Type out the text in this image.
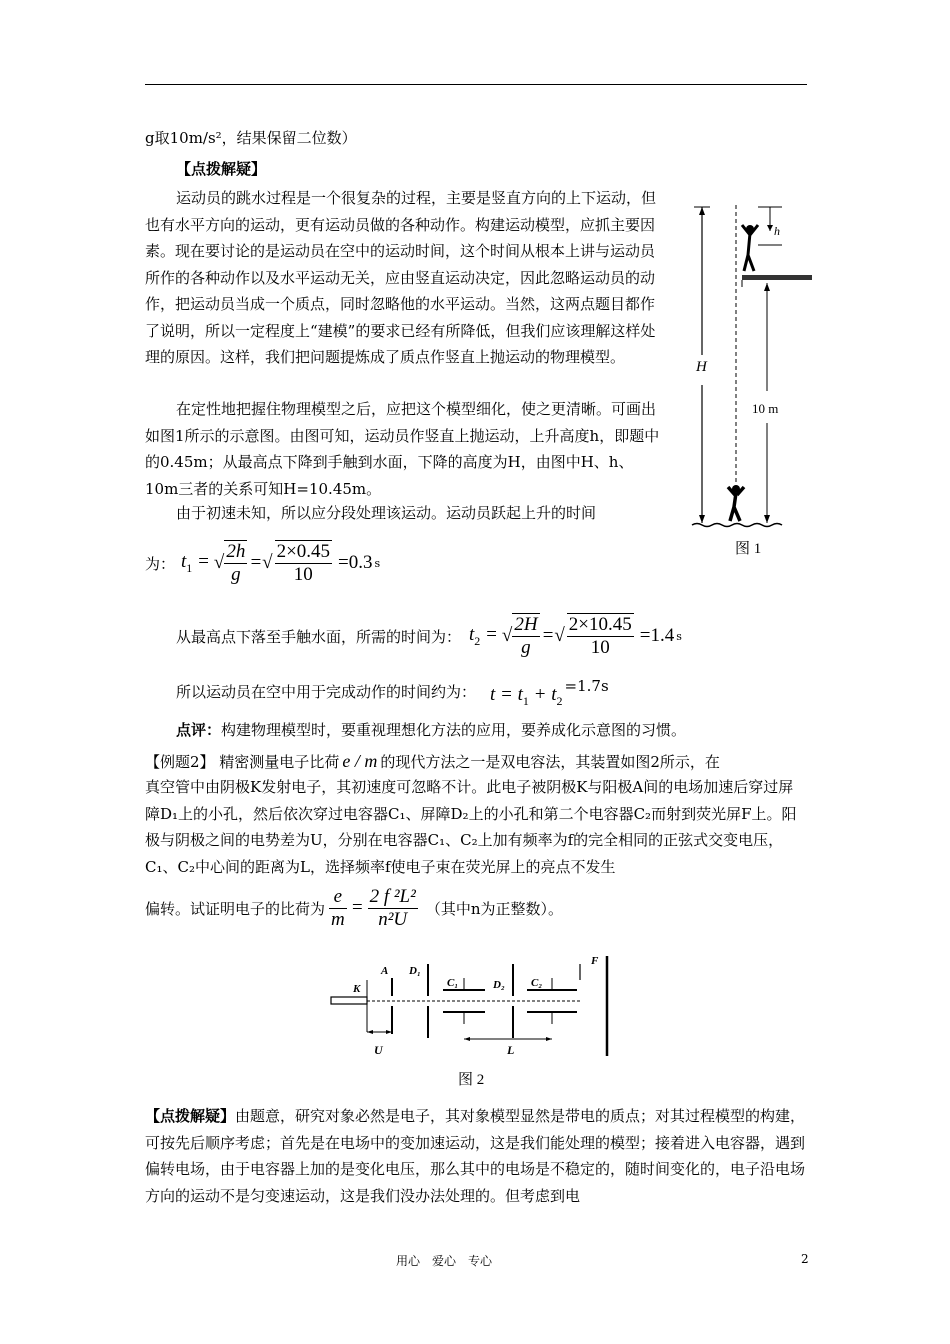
g取10m/s²，结果保留二位数）
【点拨解疑】
运动员的跳水过程是一个很复杂的过程，主要是竖直方向的上下运动，但也有水平方向的运动，更有运动员做的各种动作。构建运动模型，应抓主要因素。现在要讨论的是运动员在空中的运动时间，这个时间从根本上讲与运动员所作的各种动作以及水平运动无关，应由竖直运动决定，因此忽略运动员的动作，把运动员当成一个质点，同时忽略他的水平运动。当然，这两点题目都作了说明，所以一定程度上“建模”的要求已经有所降低，但我们应该理解这样处理的原因。这样，我们把问题提炼成了质点作竖直上抛运动的物理模型。
在定性地把握住物理模型之后，应把这个模型细化，使之更清晰。可画出如图1所示的示意图。由图可知，运动员作竖直上抛运动，上升高度h，即题中的0.45m；从最高点下降到手触到水面，下降的高度为H，由图中H、h、10m三者的关系可知H=10.45m。
由于初速未知，所以应分段处理该运动。运动员跃起上升的时间
为： $t_1$ = √ $\frac{2h}{g}$ =√ $\frac{2\times 0.45}{10} =0.3$ s
从最高点下落至手触水面，所需的时间为： $t_2$ = √ $\frac{2H}{g}$ =√ $\frac{2\times 10.45}{10} =1.4$ s
所以运动员在空中用于完成动作的时间约为： $t = t_1 + t_2$
=1.7s
点评：构建物理模型时，要重视理想化方法的应用，要养成化示意图的习惯。
【例题2】 精密测量电子比荷 e / m 的现代方法之一是双电容法，其装置如图2所示，在
真空管中由阴极K发射电子，其初速度可忽略不计。此电子被阴极K与阳极A间的电场加速后穿过屏障D₁上的小孔，然后依次穿过电容器C₁、屏障D₂上的小孔和第二个电容器C₂而射到荧光屏F上。阳极与阴极之间的电势差为U，分别在电容器C₁、C₂上加有频率为f的完全相同的正弦式交变电压，C₁、C₂中心间的距离为L，选择频率f使电子束在荧光屏上的亮点不发生
偏转。试证明电子的比荷为 $\frac{e}{m} = \frac{\text{2 f ²L²}}{\text{n²U}}$ （其中n为正整数）。
H
h
10 m
图 1
K
A D₁
C₁	D₂ C₂
F
U	L
图 2
【点拨解疑】由题意，研究对象必然是电子，其对象模型显然是带电的质点；对其过程模型的构建，可按先后顺序考虑；首先是在电场中的变加速运动，这是我们能处理的模型；接着进入电容器，遇到偏转电场，由于电容器上加的是变化电压，那么其中的电场是不稳定的，随时间变化的，电子沿电场方向的运动不是匀变速运动，这是我们没办法处理的。但考虑到电
用心　爱心　专心	2
